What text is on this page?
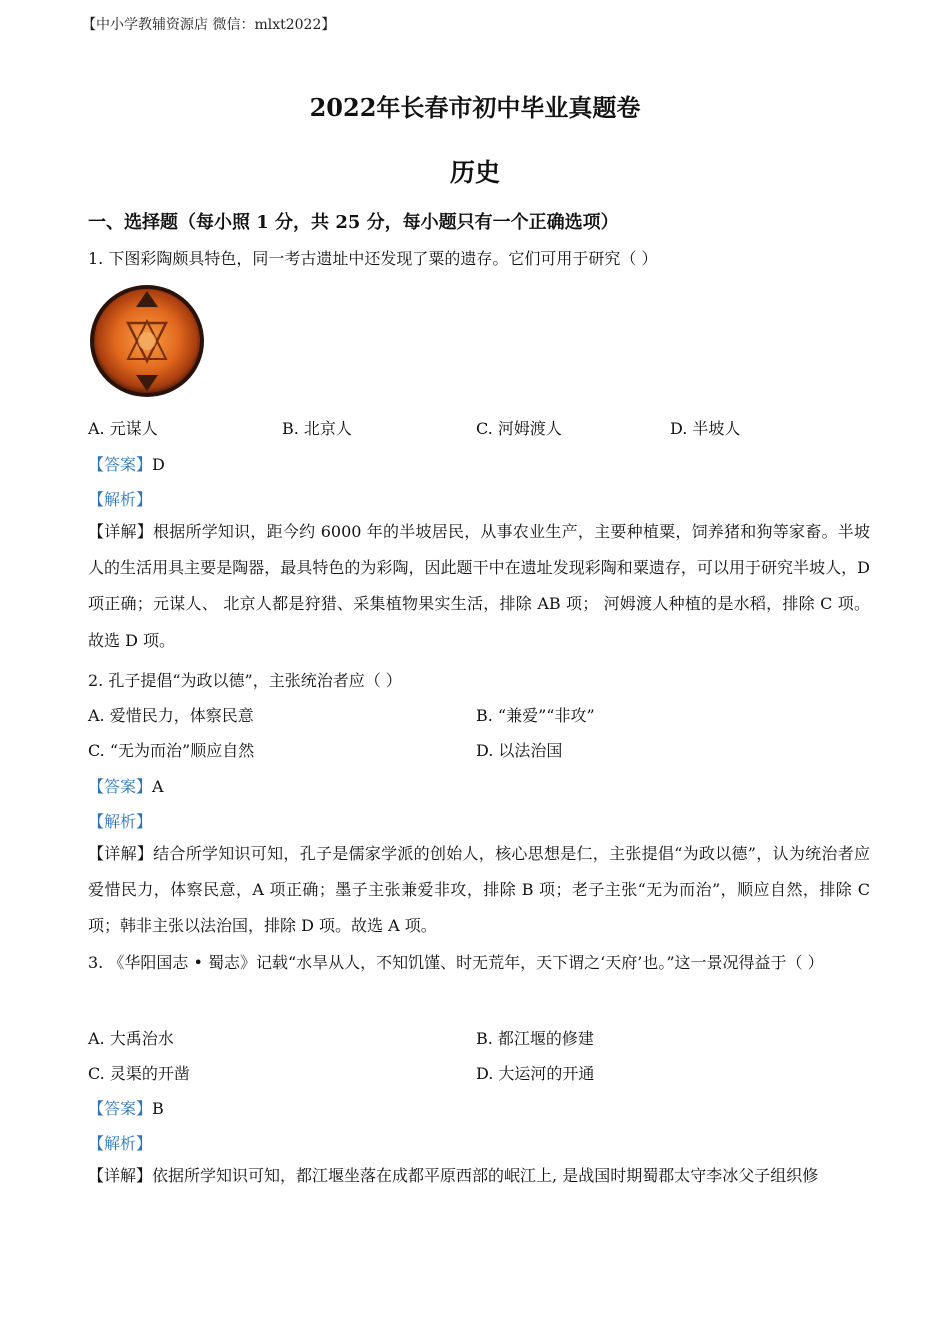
【中小学教辅资源店 微信：mlxt2022】
2022年长春市初中毕业真题卷
历史
一、选择题（每小照 1 分，共 25 分，每小题只有一个正确选项）
1. 下图彩陶颇具特色，同一考古遗址中还发现了粟的遗存。它们可用于研究（ ）
A. 元谋人	B. 北京人	C. 河姆渡人	D. 半坡人
【答案】D
【解析】
【详解】根据所学知识，距今约 6000 年的半坡居民，从事农业生产，主要种植粟，饲养猪和狗等家畜。半坡人的生活用具主要是陶器，最具特色的为彩陶，因此题干中在遗址发现彩陶和粟遗存，可以用于研究半坡人，D 项正确；元谋人、 北京人都是狩猎、采集植物果实生活，排除 AB 项； 河姆渡人种植的是水稻，排除 C 项。故选 D 项。
2. 孔子提倡“为政以德”，主张统治者应（ ）
A. 爱惜民力，体察民意	B. “兼爱”“非攻”
C. “无为而治”顺应自然	D. 以法治国
【答案】A
【解析】
【详解】结合所学知识可知，孔子是儒家学派的创始人，核心思想是仁，主张提倡“为政以德”，认为统治者应爱惜民力，体察民意，A 项正确；墨子主张兼爱非攻，排除 B 项；老子主张“无为而治”，顺应自然，排除 C 项；韩非主张以法治国，排除 D 项。故选 A 项。
3. 《华阳国志 • 蜀志》记载“水旱从人，不知饥馑、时无荒年，天下谓之‘天府’也。”这一景况得益于（ ）
A. 大禹治水	B. 都江堰的修建
C. 灵渠的开凿	D. 大运河的开通
【答案】B
【解析】
【详解】依据所学知识可知，都江堰坐落在成都平原西部的岷江上, 是战国时期蜀郡太守李冰父子组织修
